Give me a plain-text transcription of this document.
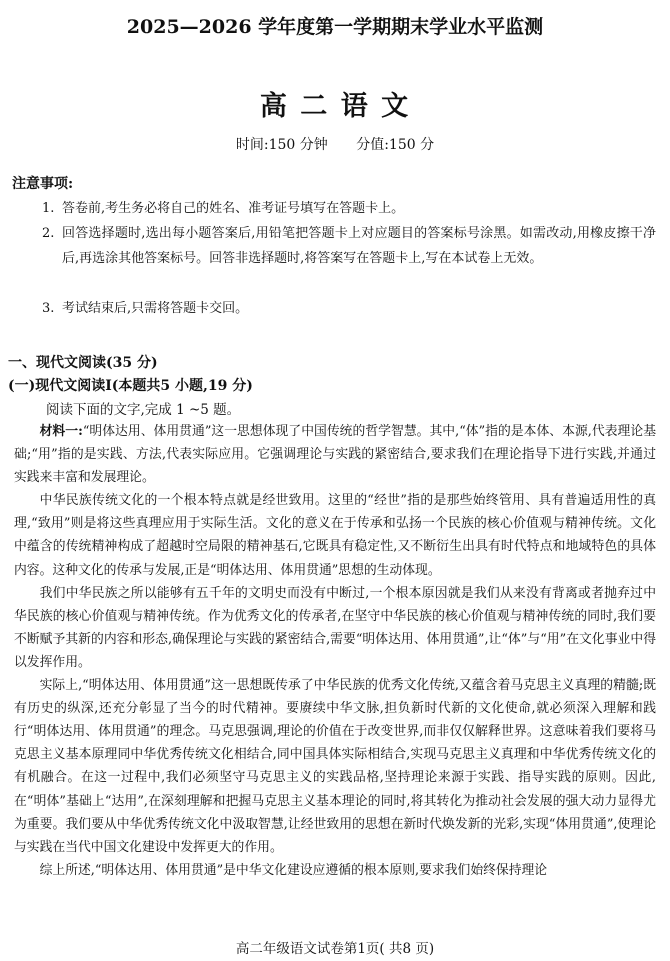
2025—2026 学年度第一学期期末学业水平监测
高 二 语 文
时间:150 分钟 分值:150 分
注意事项:
1. 答卷前,考生务必将自己的姓名、准考证号填写在答题卡上。
2. 回答选择题时,选出每小题答案后,用铅笔把答题卡上对应题目的答案标号涂黑。如需改动,用橡皮擦干净后,再选涂其他答案标号。回答非选择题时,将答案写在答题卡上,写在本试卷上无效。
3. 考试结束后,只需将答题卡交回。
一、现代文阅读(35 分)
(一)现代文阅读Ⅰ(本题共5 小题,19 分)
阅读下面的文字,完成 1 ~5 题。

材料一:“明体达用、体用贯通”这一思想体现了中国传统的哲学智慧。其中,“体”指的是本体、本源,代表理论基础;“用”指的是实践、方法,代表实际应用。它强调理论与实践的紧密结合,要求我们在理论指导下进行实践,并通过实践来丰富和发展理论。

中华民族传统文化的一个根本特点就是经世致用。这里的“经世”指的是那些始终管用、具有普遍适用性的真理,“致用”则是将这些真理应用于实际生活。文化的意义在于传承和弘扬一个民族的核心价值观与精神传统。文化中蕴含的传统精神构成了超越时空局限的精神基石,它既具有稳定性,又不断衍生出具有时代特点和地域特色的具体内容。这种文化的传承与发展,正是“明体达用、体用贯通”思想的生动体现。

我们中华民族之所以能够有五千年的文明史而没有中断过,一个根本原因就是我们从来没有背离或者抛弃过中华民族的核心价值观与精神传统。作为优秀文化的传承者,在坚守中华民族的核心价值观与精神传统的同时,我们要不断赋予其新的内容和形态,确保理论与实践的紧密结合,需要“明体达用、体用贯通”,让“体”与“用”在文化事业中得以发挥作用。

实际上,“明体达用、体用贯通”这一思想既传承了中华民族的优秀文化传统,又蕴含着马克思主义真理的精髓;既有历史的纵深,还充分彰显了当今的时代精神。要赓续中华文脉,担负新时代新的文化使命,就必须深入理解和践行“明体达用、体用贯通”的理念。马克思强调,理论的价值在于改变世界,而非仅仅解释世界。这意味着我们要将马克思主义基本原理同中华优秀传统文化相结合,同中国具体实际相结合,实现马克思主义真理和中华优秀传统文化的有机融合。在这一过程中,我们必须坚守马克思主义的实践品格,坚持理论来源于实践、指导实践的原则。因此,在“明体”基础上“达用”,在深刻理解和把握马克思主义基本理论的同时,将其转化为推动社会发展的强大动力显得尤为重要。我们要从中华优秀传统文化中汲取智慧,让经世致用的思想在新时代焕发新的光彩,实现“体用贯通”,使理论与实践在当代中国文化建设中发挥更大的作用。

综上所述,“明体达用、体用贯通”是中华文化建设应遵循的根本原则,要求我们始终保持理论

高二年级语文试卷第1页( 共8 页)
